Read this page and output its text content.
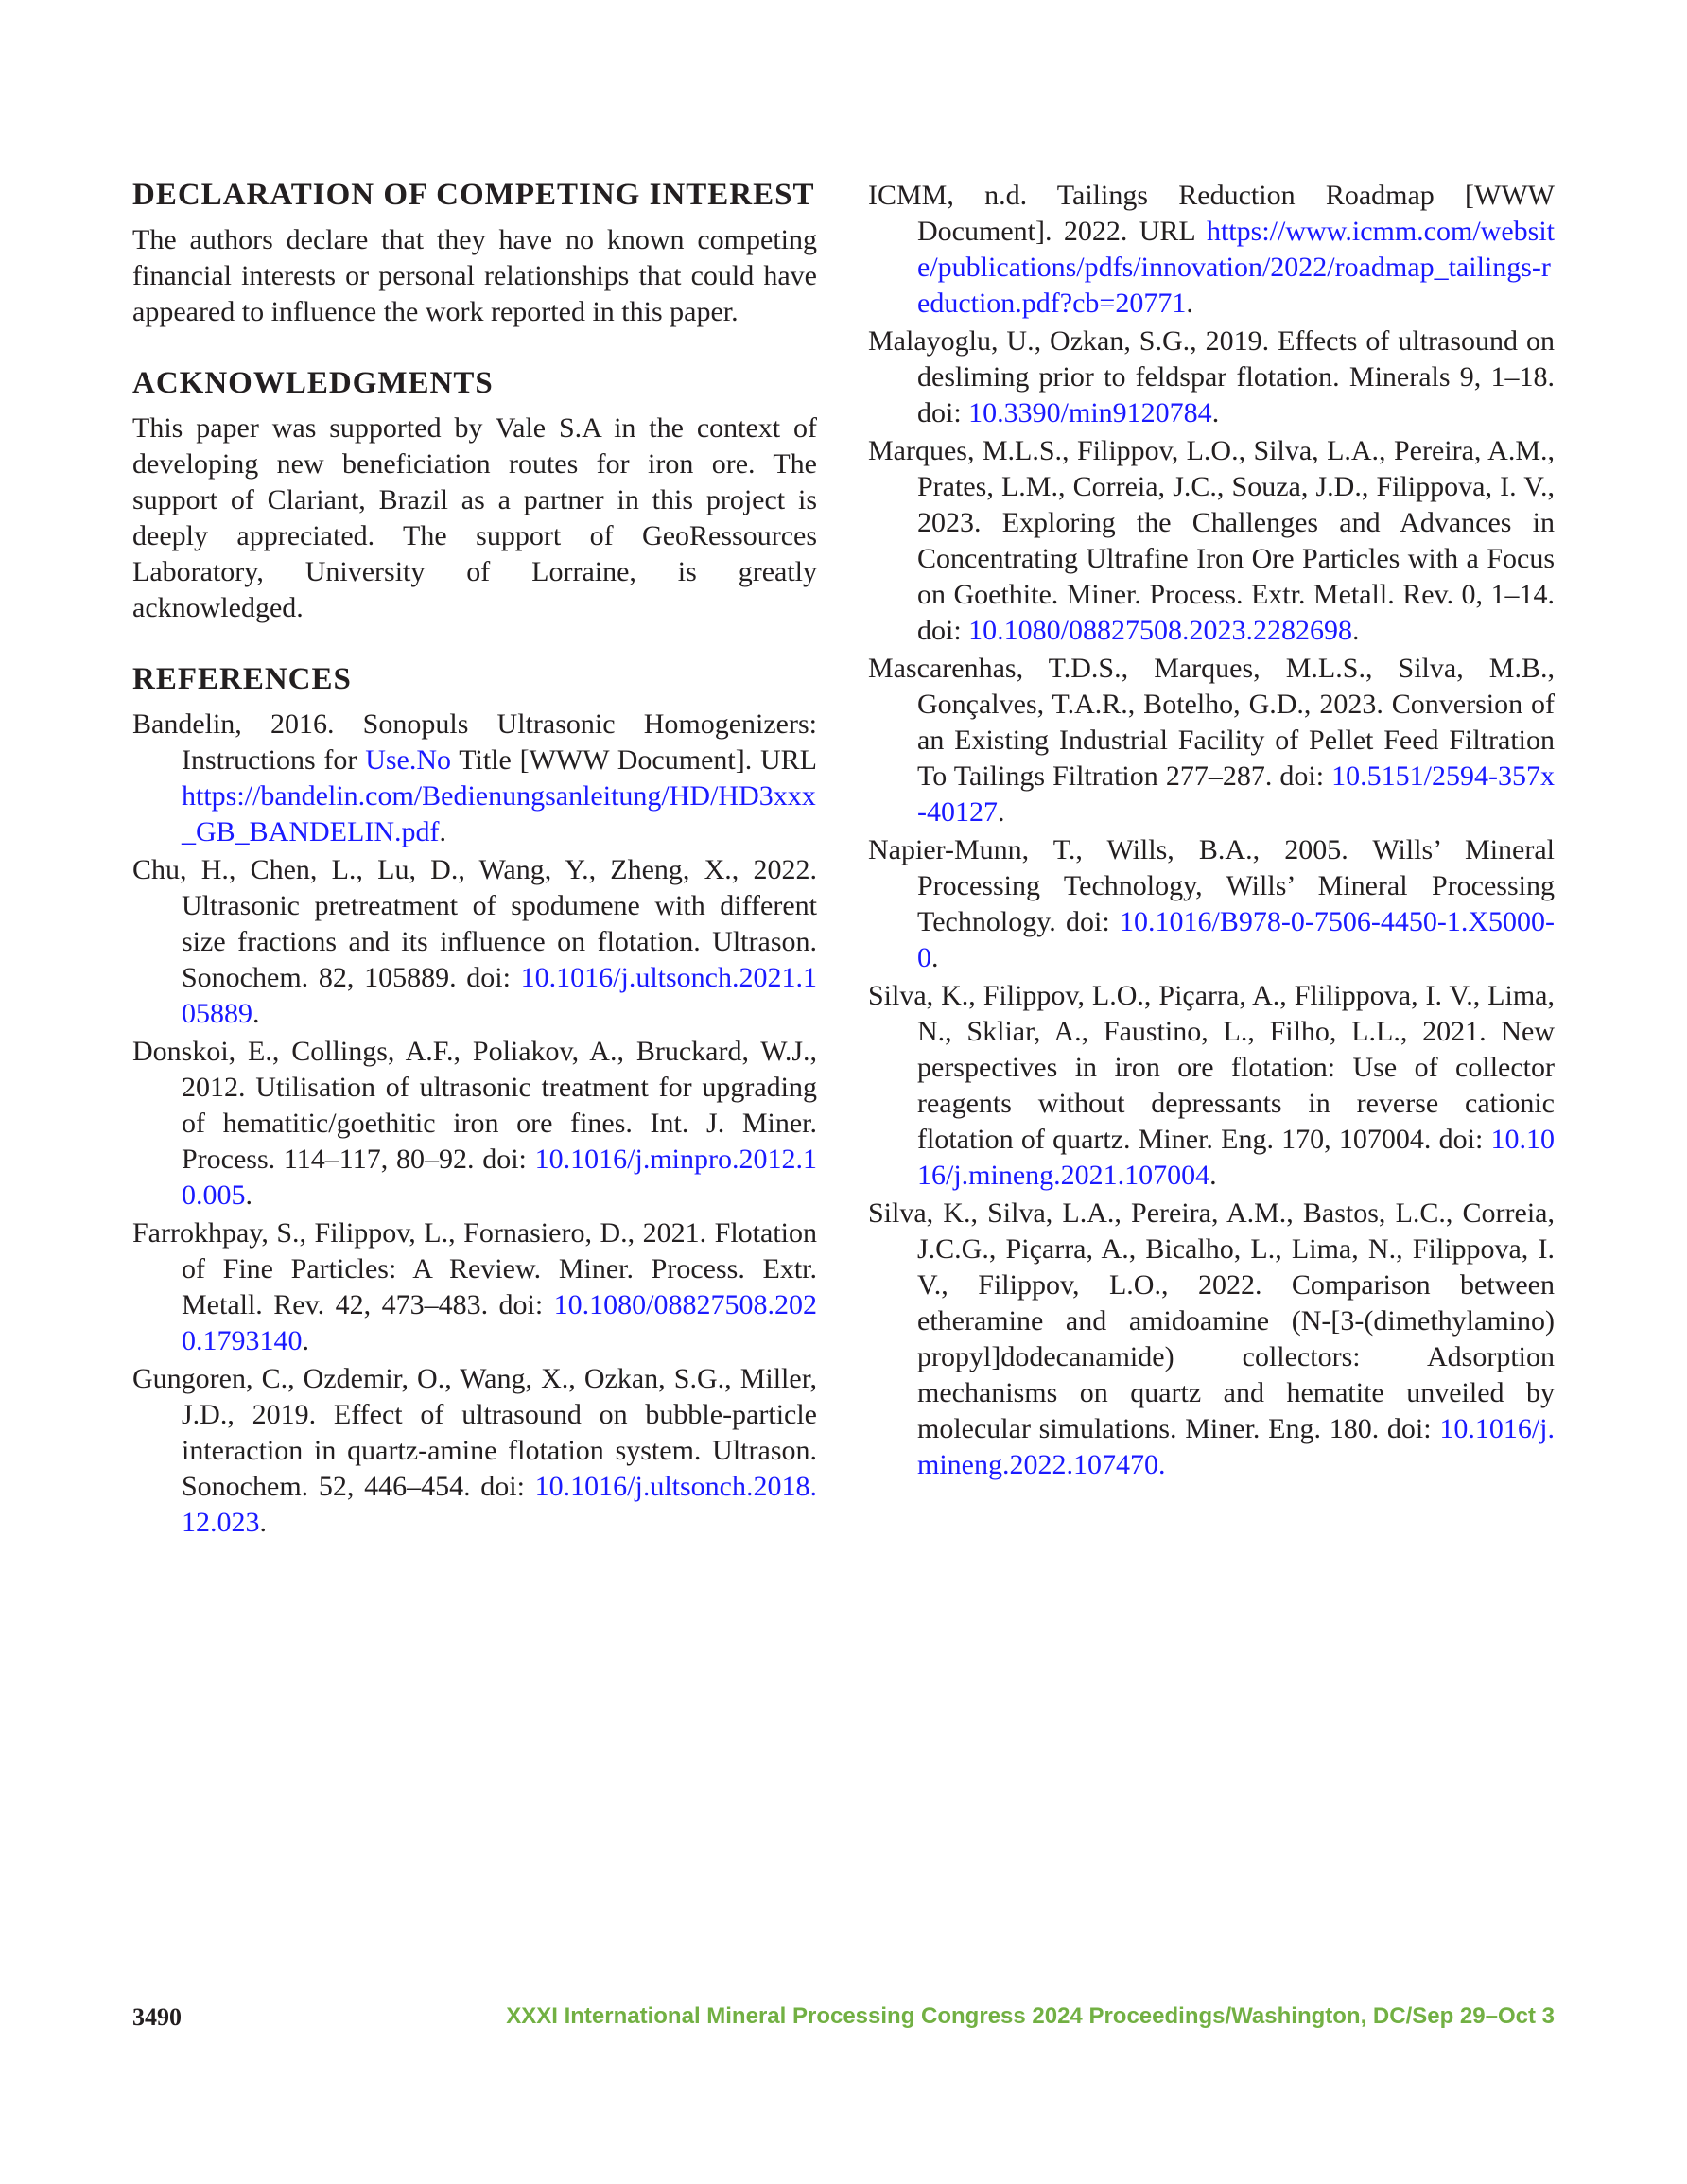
DECLARATION OF COMPETING INTEREST

The authors declare that they have no known competing financial interests or personal relationships that could have appeared to influence the work reported in this paper.

ACKNOWLEDGMENTS

This paper was supported by Vale S.A in the context of developing new beneficiation routes for iron ore. The support of Clariant, Brazil as a partner in this project is deeply appreciated. The support of GeoRessources Laboratory, University of Lorraine, is greatly acknowledged.

REFERENCES
Bandelin, 2016. Sonopuls Ultrasonic Homogenizers: Instructions for Use.No Title [WWW Document]. URL https://bandelin.com/Bedienungsanleitung/HD/HD3xxx_GB_BANDELIN.pdf.
Chu, H., Chen, L., Lu, D., Wang, Y., Zheng, X., 2022. Ultrasonic pretreatment of spodumene with different size fractions and its influence on flotation. Ultrason. Sonochem. 82, 105889. doi: 10.1016/j.ultsonch.2021.105889.
Donskoi, E., Collings, A.F., Poliakov, A., Bruckard, W.J., 2012. Utilisation of ultrasonic treatment for upgrading of hematitic/goethitic iron ore fines. Int. J. Miner. Process. 114–117, 80–92. doi: 10.1016/j.minpro.2012.10.005.
Farrokhpay, S., Filippov, L., Fornasiero, D., 2021. Flotation of Fine Particles: A Review. Miner. Process. Extr. Metall. Rev. 42, 473–483. doi: 10.1080/08827508.2020.1793140.
Gungoren, C., Ozdemir, O., Wang, X., Ozkan, S.G., Miller, J.D., 2019. Effect of ultrasound on bubble-particle interaction in quartz-amine flotation system. Ultrason. Sonochem. 52, 446–454. doi: 10.1016/j.ultsonch.2018.12.023.
ICMM, n.d. Tailings Reduction Roadmap [WWW Document]. 2022. URL https://www.icmm.com/website/publications/pdfs/innovation/2022/roadmap_tailings-reduction.pdf?cb=20771.
Malayoglu, U., Ozkan, S.G., 2019. Effects of ultrasound on desliming prior to feldspar flotation. Minerals 9, 1–18. doi: 10.3390/min9120784.
Marques, M.L.S., Filippov, L.O., Silva, L.A., Pereira, A.M., Prates, L.M., Correia, J.C., Souza, J.D., Filippova, I. V., 2023. Exploring the Challenges and Advances in Concentrating Ultrafine Iron Ore Particles with a Focus on Goethite. Miner. Process. Extr. Metall. Rev. 0, 1–14. doi: 10.1080/08827508.2023.2282698.
Mascarenhas, T.D.S., Marques, M.L.S., Silva, M.B., Gonçalves, T.A.R., Botelho, G.D., 2023. Conversion of an Existing Industrial Facility of Pellet Feed Filtration To Tailings Filtration 277–287. doi: 10.5151/2594-357x-40127.
Napier-Munn, T., Wills, B.A., 2005. Wills’ Mineral Processing Technology, Wills’ Mineral Processing Technology. doi: 10.1016/B978-0-7506-4450-1.X5000-0.
Silva, K., Filippov, L.O., Piçarra, A., Flilippova, I. V., Lima, N., Skliar, A., Faustino, L., Filho, L.L., 2021. New perspectives in iron ore flotation: Use of collector reagents without depressants in reverse cationic flotation of quartz. Miner. Eng. 170, 107004. doi: 10.1016/j.mineng.2021.107004.
Silva, K., Silva, L.A., Pereira, A.M., Bastos, L.C., Correia, J.C.G., Piçarra, A., Bicalho, L., Lima, N., Filippova, I. V., Filippov, L.O., 2022. Comparison between etheramine and amidoamine (N-[3-(dimethylamino) propyl]dodecanamide) collectors: Adsorption mechanisms on quartz and hematite unveiled by molecular simulations. Miner. Eng. 180. doi: 10.1016/j.mineng.2022.107470.
3490	XXXI International Mineral Processing Congress 2024 Proceedings/Washington, DC/Sep 29–Oct 3
